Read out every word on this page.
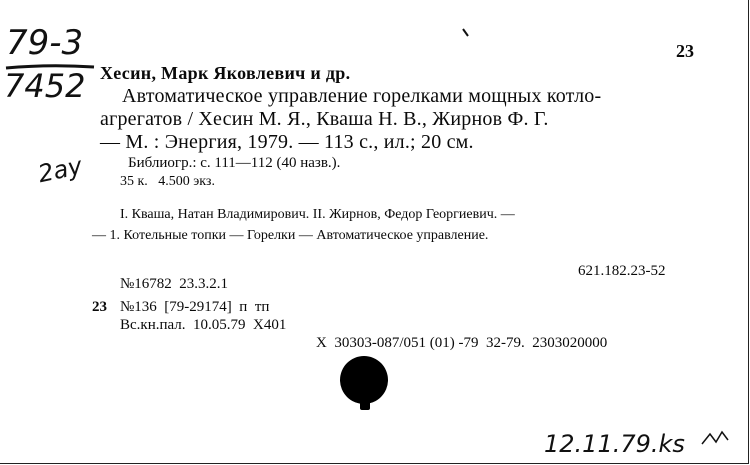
79-3
7452
2ay
12.11.79.ks
23
Хесин, Марк Яковлевич и др.
Автоматическое управление горелками мощных котло-
агрегатов / Хесин М. Я., Кваша Н. В., Жирнов Ф. Г.
— М. : Энергия, 1979. — 113 с., ил.; 20 см.
Библиогр.: с. 111—112 (40 назв.).
35 к.   4.500 экз.
I. Кваша, Натан Владимирович. II. Жирнов, Федор Георгиевич. —
— 1. Котельные топки — Горелки — Автоматическое управление.
621.182.23-52
№16782  23.3.2.1
23 №136  [79-29174]  п  тп
Вс.кн.пал.  10.05.79  Х401
Х  30303-087/051 (01) -79  32-79.  2303020000
